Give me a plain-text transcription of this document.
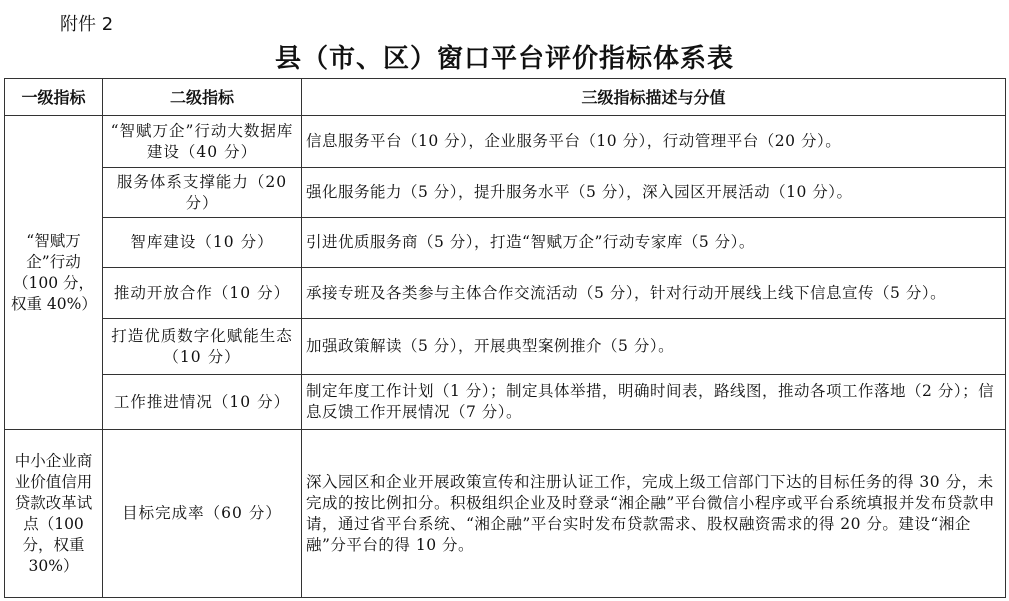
附件 2
县（市、区）窗口平台评价指标体系表
一级指标	二级指标	三级指标描述与分值

“智赋万企”行动（100 分，权重 40%）	“智赋万企”行动大数据库建设（40 分）	信息服务平台（10 分），企业服务平台（10 分），行动管理平台（20 分）。
	服务体系支撑能力（20 分）	强化服务能力（5 分），提升服务水平（5 分），深入园区开展活动（10 分）。
	智库建设（10 分）	引进优质服务商（5 分），打造“智赋万企”行动专家库（5 分）。
	推动开放合作（10 分）	承接专班及各类参与主体合作交流活动（5 分），针对行动开展线上线下信息宣传（5 分）。
	打造优质数字化赋能生态（10 分）	加强政策解读（5 分），开展典型案例推介（5 分）。
	工作推进情况（10 分）	制定年度工作计划（1 分）；制定具体举措，明确时间表，路线图，推动各项工作落地（2 分）；信息反馈工作开展情况（7 分）。

中小企业商业价值信用贷款改革试点（100 分，权重 30%）	目标完成率（60 分）	深入园区和企业开展政策宣传和注册认证工作，完成上级工信部门下达的目标任务的得 30 分，未完成的按比例扣分。积极组织企业及时登录“湘企融”平台微信小程序或平台系统填报并发布贷款申请，通过省平台系统、“湘企融”平台实时发布贷款需求、股权融资需求的得 20 分。建设“湘企融”分平台的得 10 分。
